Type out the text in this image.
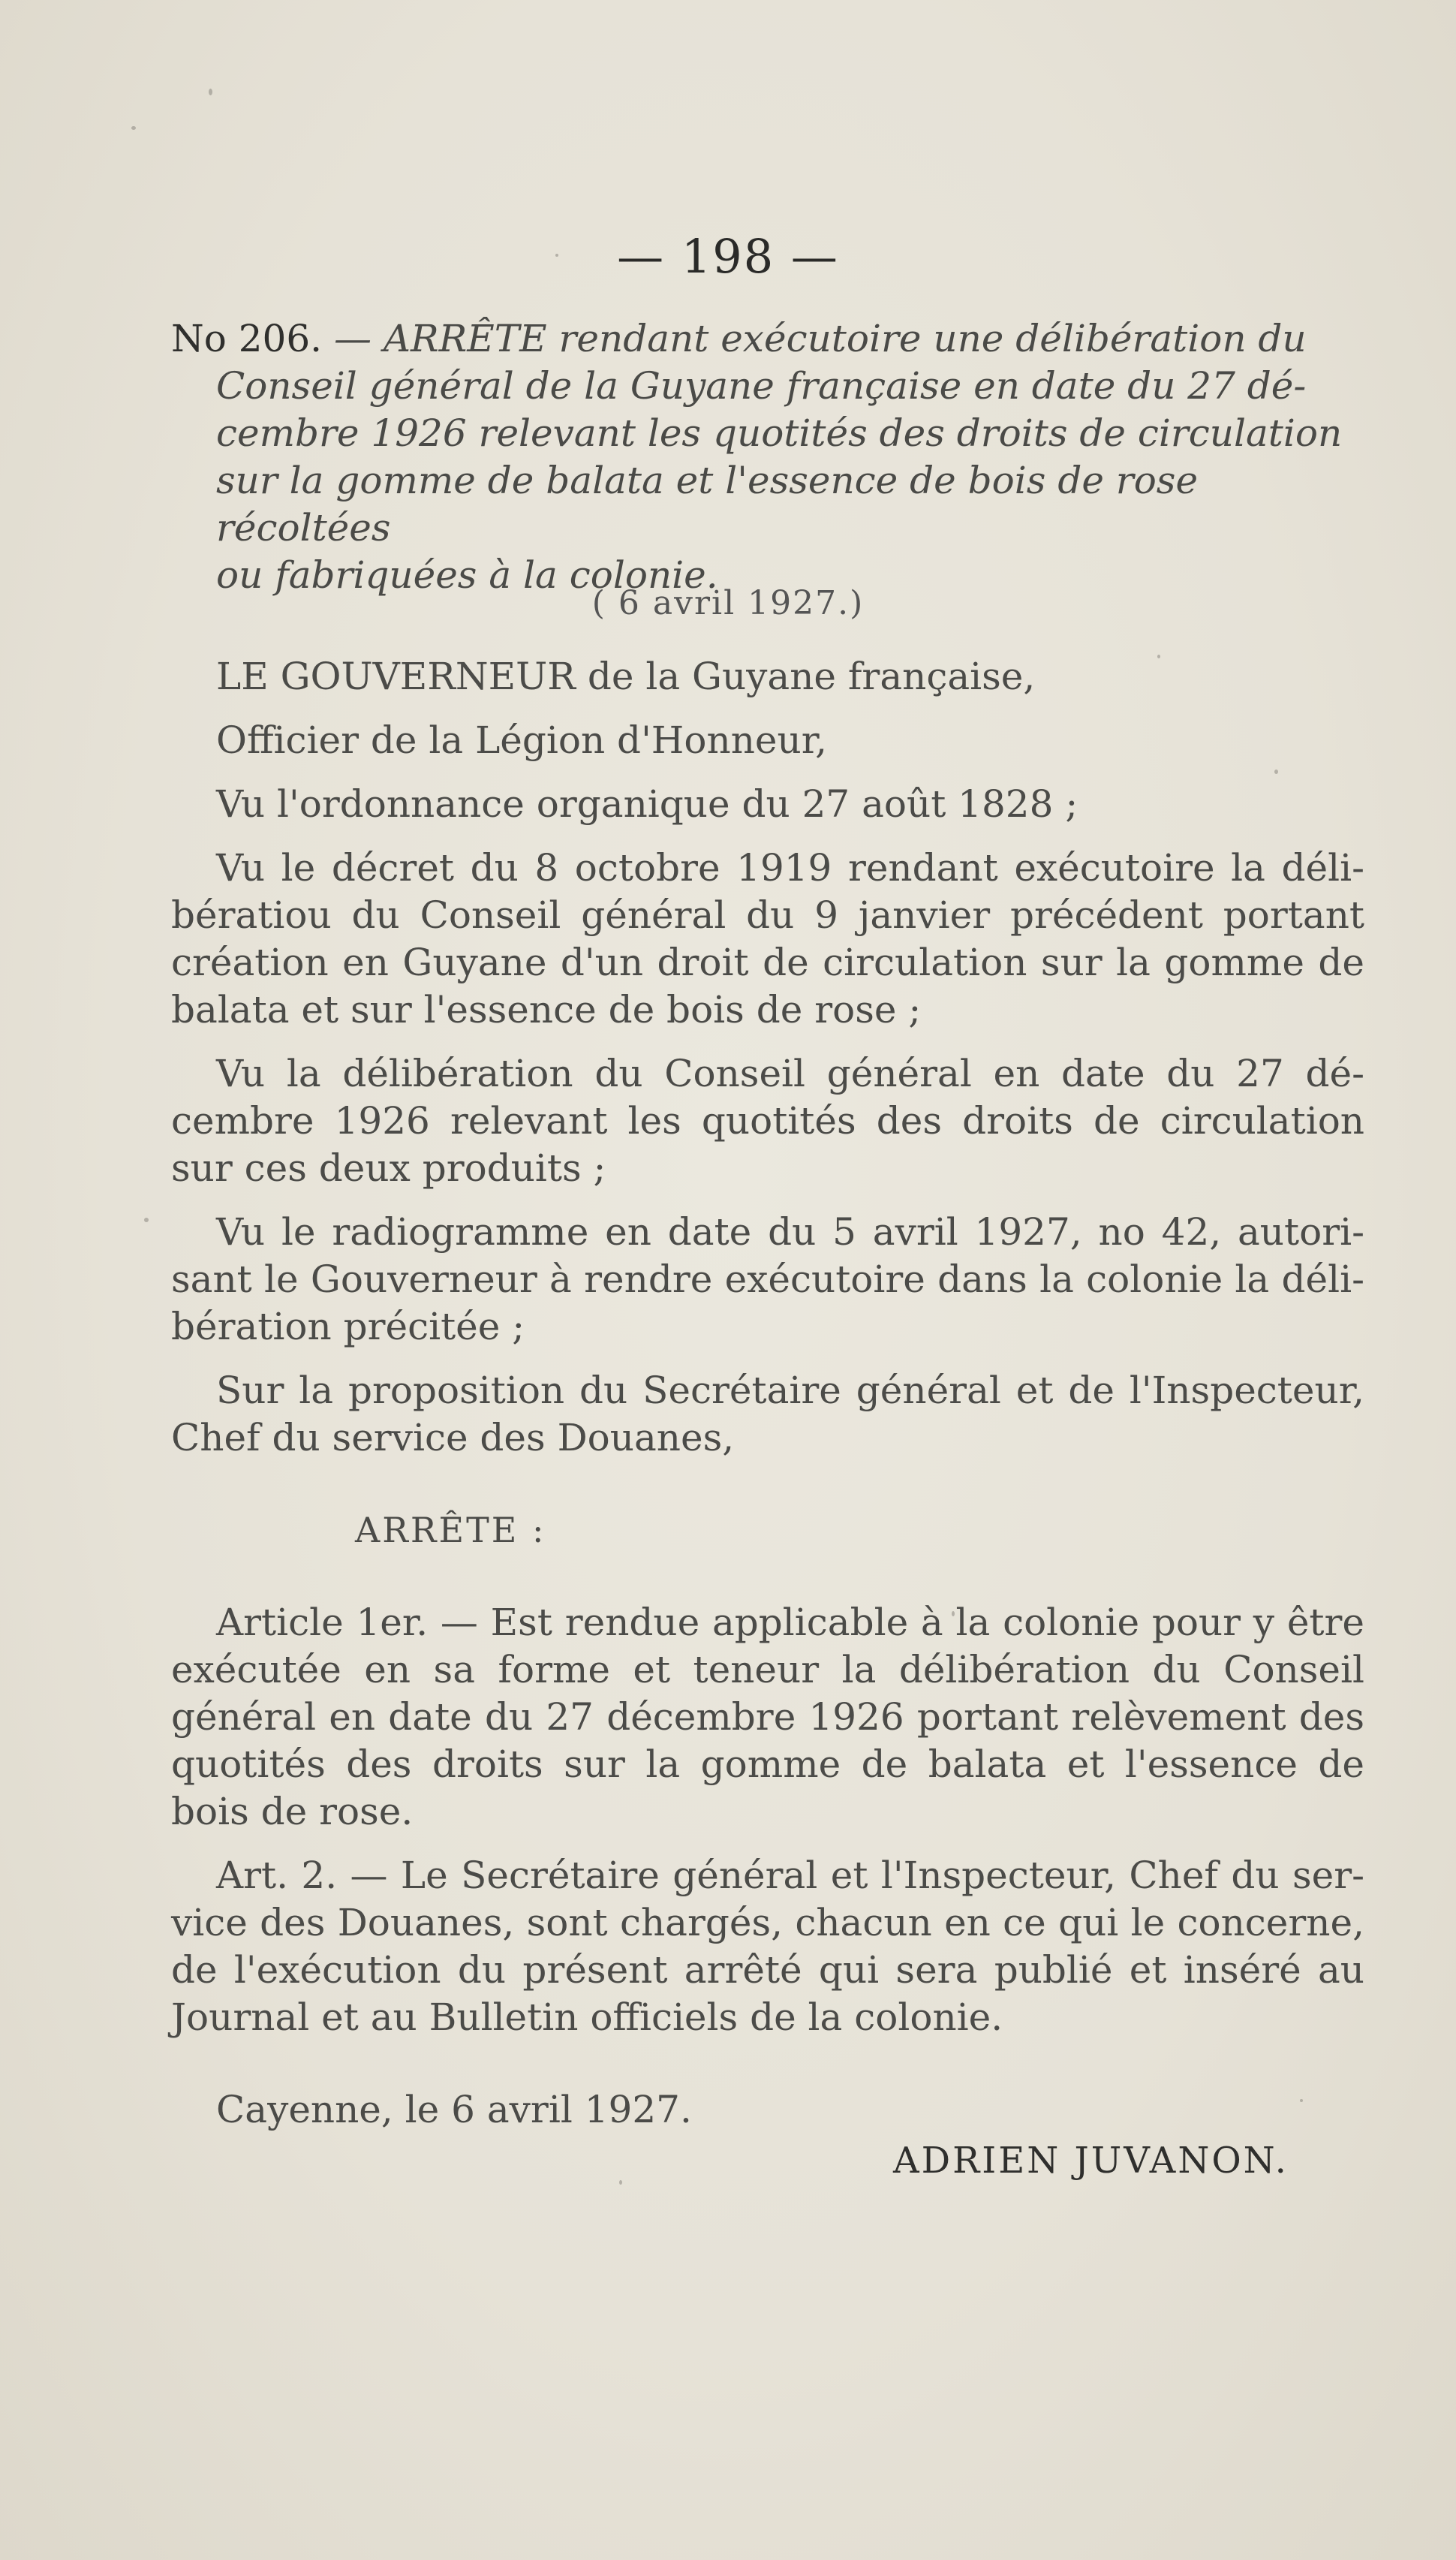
— 198 —
No 206. — ARRÊTE rendant exécutoire une délibération du
Conseil général de la Guyane française en date du 27 dé-
cembre 1926 relevant les quotités des droits de circulation
sur la gomme de balata et l'essence de bois de rose récoltées
ou fabriquées à la colonie.
( 6 avril 1927.)

LE GOUVERNEUR de la Guyane française,

Officier de la Légion d'Honneur,

Vu l'ordonnance organique du 27 août 1828 ;

Vu le décret du 8 octobre 1919 rendant exécutoire la déli-bératiou du Conseil général du 9 janvier précédent portant création en Guyane d'un droit de circulation sur la gomme de balata et sur l'essence de bois de rose ;

Vu la délibération du Conseil général en date du 27 dé-cembre 1926 relevant les quotités des droits de circulation sur ces deux produits ;

Vu le radiogramme en date du 5 avril 1927, no 42, autori-sant le Gouverneur à rendre exécutoire dans la colonie la déli-bération précitée ;

Sur la proposition du Secrétaire général et de l'Inspecteur, Chef du service des Douanes,

ARRÊTE :

Article 1er. — Est rendue applicable à la colonie pour y être exécutée en sa forme et teneur la délibération du Conseil général en date du 27 décembre 1926 portant relèvement des quotités des droits sur la gomme de balata et l'essence de bois de rose.

Art. 2. — Le Secrétaire général et l'Inspecteur, Chef du ser-vice des Douanes, sont chargés, chacun en ce qui le concerne, de l'exécution du présent arrêté qui sera publié et inséré au Journal et au Bulletin officiels de la colonie.

Cayenne, le 6 avril 1927.

ADRIEN JUVANON.
